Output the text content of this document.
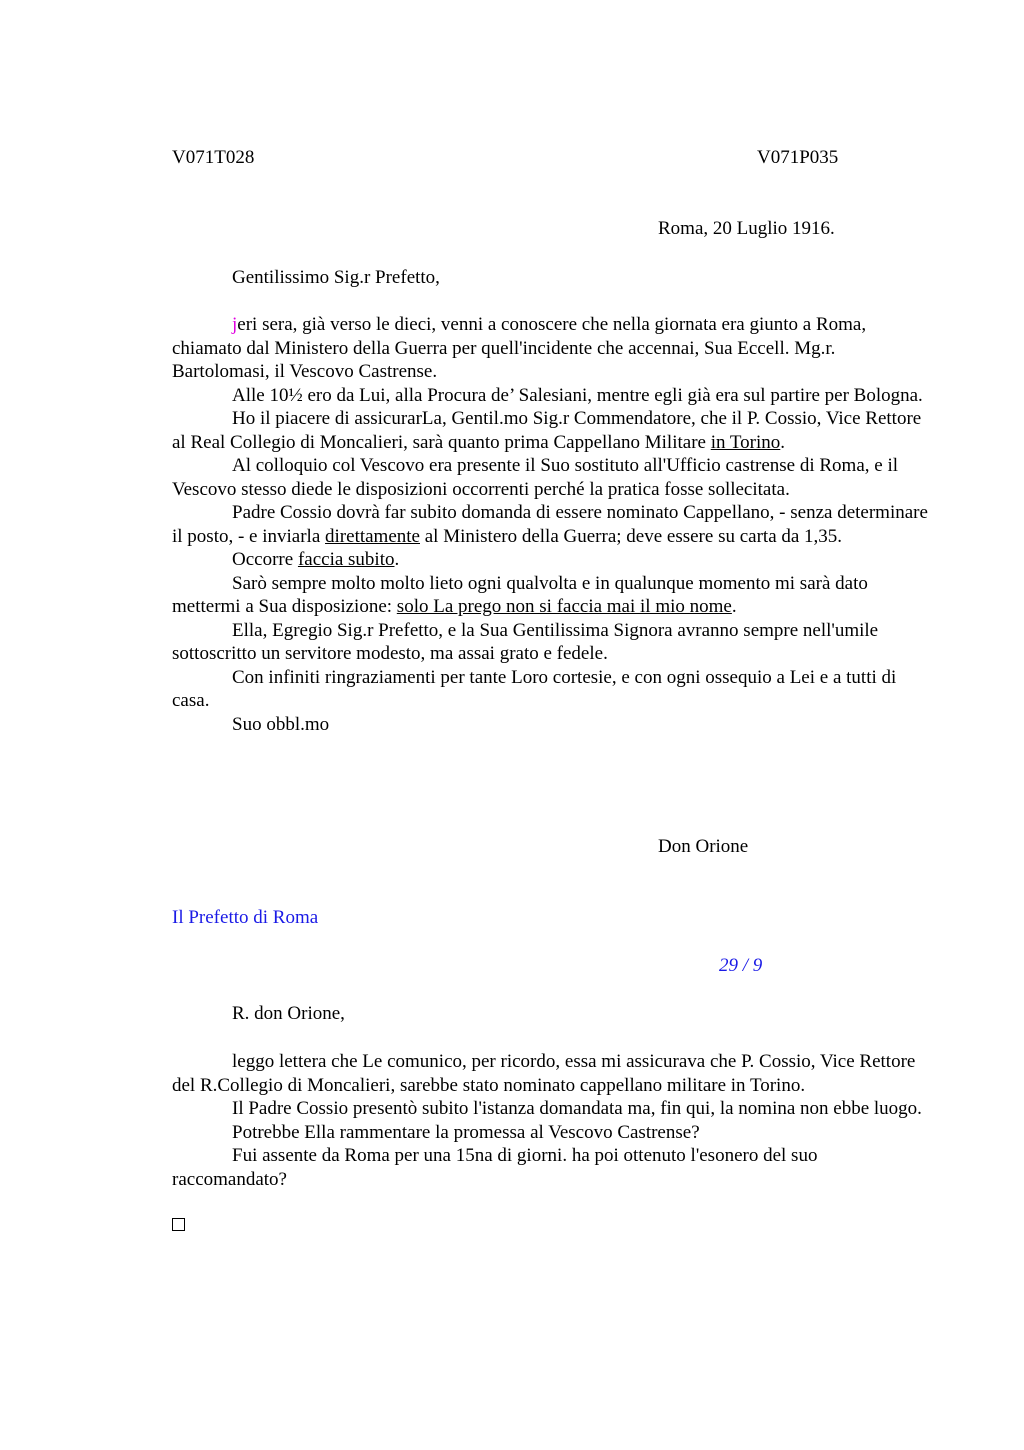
V071T028	V071P035
Roma, 20 Luglio 1916.
Gentilissimo Sig.r Prefetto,

jeri sera, già verso le dieci, venni a conoscere che nella giornata era giunto a Roma, chiamato dal Ministero della Guerra per quell'incidente che accennai, Sua Eccell. Mg.r. Bartolomasi, il Vescovo Castrense.

Alle 10½ ero da Lui, alla Procura de’ Salesiani, mentre egli già era sul partire per Bologna.

Ho il piacere di assicurarLa, Gentil.mo Sig.r Commendatore, che il P. Cossio, Vice Rettore al Real Collegio di Moncalieri, sarà quanto prima Cappellano Militare in Torino.

Al colloquio col Vescovo era presente il Suo sostituto all'Ufficio castrense di Roma, e il Vescovo stesso diede le disposizioni occorrenti perché la pratica fosse sollecitata.

Padre Cossio dovrà far subito domanda di essere nominato Cappellano, - senza determinare il posto, - e inviarla direttamente al Ministero della Guerra; deve essere su carta da 1,35.

Occorre faccia subito.

Sarò sempre molto molto lieto ogni qualvolta e in qualunque momento mi sarà dato mettermi a Sua disposizione: solo La prego non si faccia mai il mio nome.

Ella, Egregio Sig.r Prefetto, e la Sua Gentilissima Signora avranno sempre nell'umile sottoscritto un servitore modesto, ma assai grato e fedele.

Con infiniti ringraziamenti per tante Loro cortesie, e con ogni ossequio a Lei e a tutti di casa.

Suo obbl.mo

Don Orione
Il Prefetto di Roma
29 / 9
R. don Orione,

leggo lettera che Le comunico, per ricordo, essa mi assicurava che P. Cossio, Vice Rettore del R.Collegio di Moncalieri, sarebbe stato nominato cappellano militare in Torino.

Il Padre Cossio presentò subito l'istanza domandata ma, fin qui, la nomina non ebbe luogo.

Potrebbe Ella rammentare la promessa al Vescovo Castrense?

Fui assente da Roma per una 15na di giorni. ha poi ottenuto l'esonero del suo raccomandato?
